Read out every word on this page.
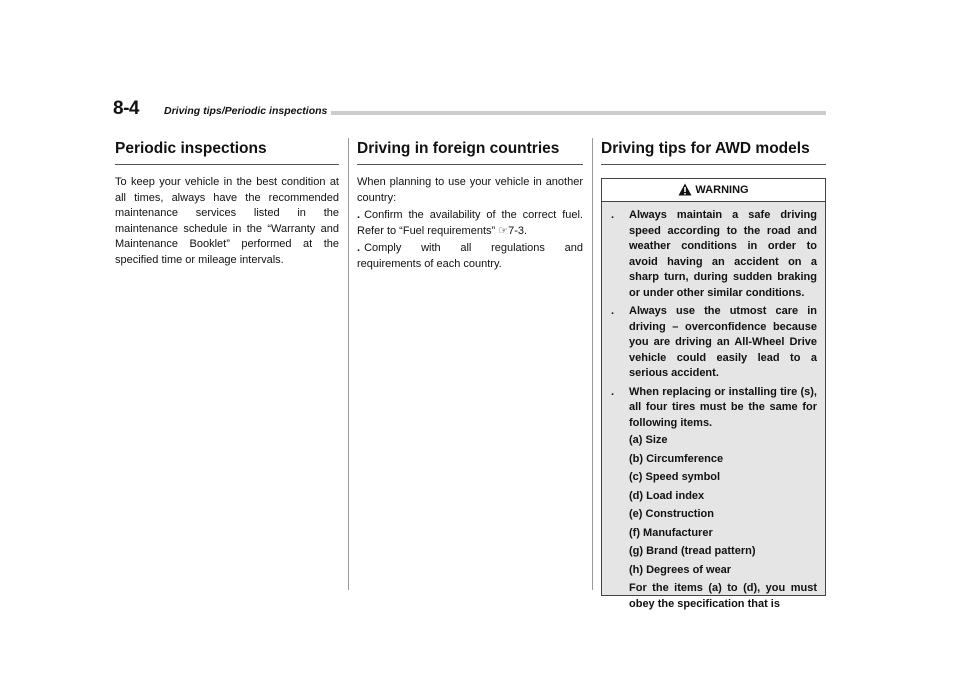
8-4 Driving tips/Periodic inspections
Periodic inspections

To keep your vehicle in the best condition at all times, always have the recommended maintenance services listed in the maintenance schedule in the “Warranty and Maintenance Booklet” performed at the specified time or mileage intervals.

Driving in foreign countries

When planning to use your vehicle in another country:

. Confirm the availability of the correct fuel. Refer to “Fuel requirements” ☞7-3.

. Comply with all regulations and requirements of each country.

Driving tips for AWD models
WARNING
. Always maintain a safe driving speed according to the road and weather conditions in order to avoid having an accident on a sharp turn, during sudden braking or under other similar conditions.
. Always use the utmost care in driving – overconfidence because you are driving an All-Wheel Drive vehicle could easily lead to a serious accident.
. When replacing or installing tire (s), all four tires must be the same for following items.
(a) Size
(b) Circumference
(c) Speed symbol
(d) Load index
(e) Construction
(f) Manufacturer
(g) Brand (tread pattern)
(h) Degrees of wear
For the items (a) to (d), you must obey the specification that is
